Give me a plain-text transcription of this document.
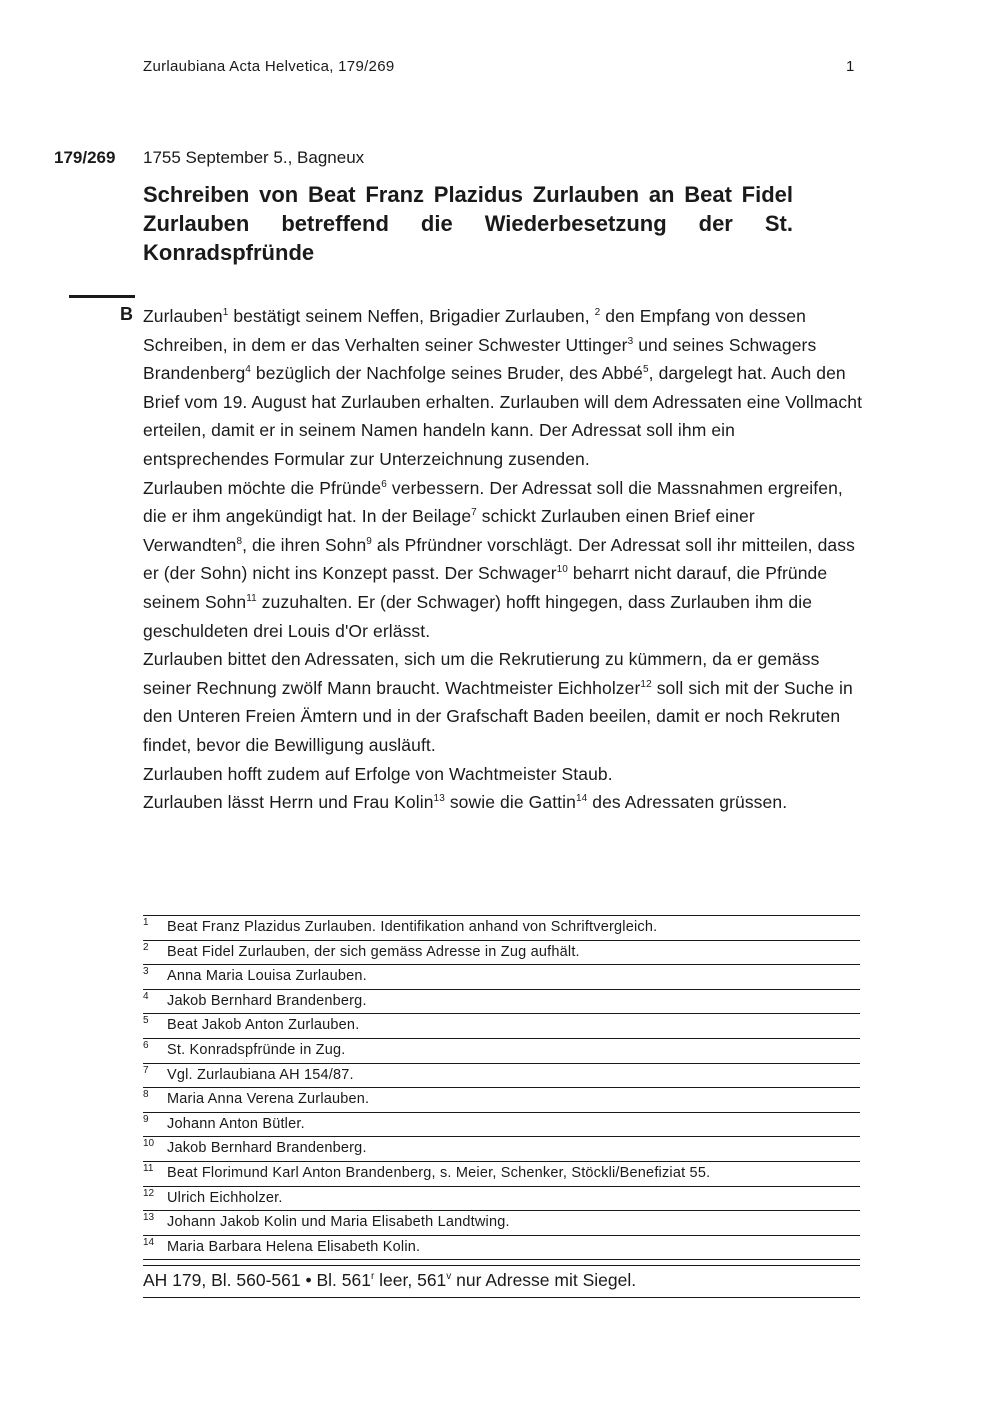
Zurlaubiana Acta Helvetica, 179/269	1
179/269 1755 September 5., Bagneux
Schreiben von Beat Franz Plazidus Zurlauben an Beat Fidel Zurlauben betreffend die Wiederbesetzung der St. Konradspfründe
B Zurlauben$^1$ bestätigt seinem Neffen, Brigadier Zurlauben, $^2$ den Empfang von dessen Schreiben, in dem er das Verhalten seiner Schwester Uttinger$^3$ und seines Schwagers Brandenberg$^4$ bezüglich der Nachfolge seines Bruder, des Abbé$^5$, dargelegt hat. Auch den Brief vom 19. August hat Zurlauben erhalten. Zurlauben will dem Adressaten eine Vollmacht erteilen, damit er in seinem Namen handeln kann. Der Adressat soll ihm ein entsprechendes Formular zur Unterzeichnung zusenden.

Zurlauben möchte die Pfründe$^6$ verbessern. Der Adressat soll die Massnahmen ergreifen, die er ihm angekündigt hat. In der Beilage$^7$ schickt Zurlauben einen Brief einer Verwandten$^8$, die ihren Sohn$^9$ als Pfründner vorschlägt. Der Adressat soll ihr mitteilen, dass er (der Sohn) nicht ins Konzept passt. Der Schwager$^{10}$ beharrt nicht darauf, die Pfründe seinem Sohn$^{11}$ zuzuhalten. Er (der Schwager) hofft hingegen, dass Zurlauben ihm die geschuldeten drei Louis d'Or erlässt.

Zurlauben bittet den Adressaten, sich um die Rekrutierung zu kümmern, da er gemäss seiner Rechnung zwölf Mann braucht. Wachtmeister Eichholzer$^{12}$ soll sich mit der Suche in den Unteren Freien Ämtern und in der Grafschaft Baden beeilen, damit er noch Rekruten findet, bevor die Bewilligung ausläuft.

Zurlauben hofft zudem auf Erfolge von Wachtmeister Staub.

Zurlauben lässt Herrn und Frau Kolin$^{13}$ sowie die Gattin$^{14}$ des Adressaten grüssen.

1 Beat Franz Plazidus Zurlauben. Identifikation anhand von Schriftvergleich.
2 Beat Fidel Zurlauben, der sich gemäss Adresse in Zug aufhält.
3 Anna Maria Louisa Zurlauben.
4 Jakob Bernhard Brandenberg.
5 Beat Jakob Anton Zurlauben.
6 St. Konradspfründe in Zug.
7 Vgl. Zurlaubiana AH 154/87.
8 Maria Anna Verena Zurlauben.
9 Johann Anton Bütler.
10 Jakob Bernhard Brandenberg.
11 Beat Florimund Karl Anton Brandenberg, s. Meier, Schenker, Stöckli/Benefiziat 55.
12 Ulrich Eichholzer.
13 Johann Jakob Kolin und Maria Elisabeth Landtwing.
14 Maria Barbara Helena Elisabeth Kolin.
AH 179, Bl. 560-561 • Bl. 561$^r$ leer, 561$^v$ nur Adresse mit Siegel.
